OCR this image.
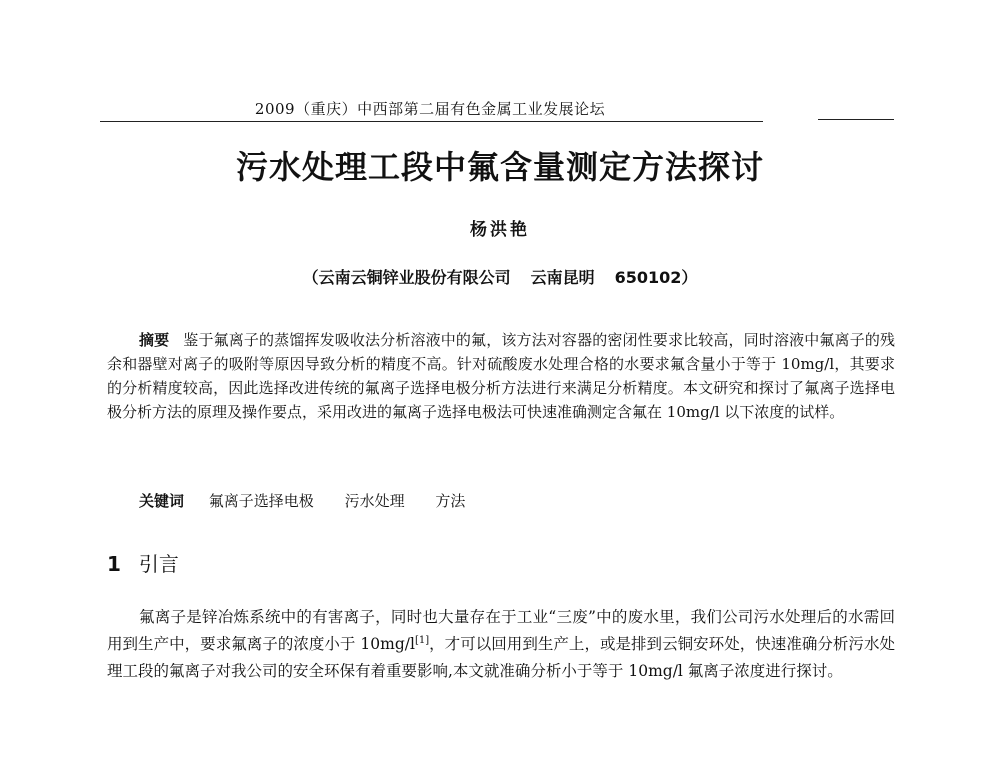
2009（重庆）中西部第二届有色金属工业发展论坛
污水处理工段中氟含量测定方法探讨
杨洪艳
（云南云铜锌业股份有限公司 云南昆明 650102）
摘要 鉴于氟离子的蒸馏挥发吸收法分析溶液中的氟，该方法对容器的密闭性要求比较高，同时溶液中氟离子的残余和器壁对离子的吸附等原因导致分析的精度不高。针对硫酸废水处理合格的水要求氟含量小于等于 10mg/l，其要求的分析精度较高，因此选择改进传统的氟离子选择电极分析方法进行来满足分析精度。本文研究和探讨了氟离子选择电极分析方法的原理及操作要点，采用改进的氟离子选择电极法可快速准确测定含氟在 10mg/l 以下浓度的试样。
关键词 氟离子选择电极 污水处理 方法
1 引言
氟离子是锌冶炼系统中的有害离子，同时也大量存在于工业“三废”中的废水里，我们公司污水处理后的水需回用到生产中，要求氟离子的浓度小于 10mg/l[1]，才可以回用到生产上，或是排到云铜安环处，快速准确分析污水处理工段的氟离子对我公司的安全环保有着重要影响,本文就准确分析小于等于 10mg/l 氟离子浓度进行探讨。
